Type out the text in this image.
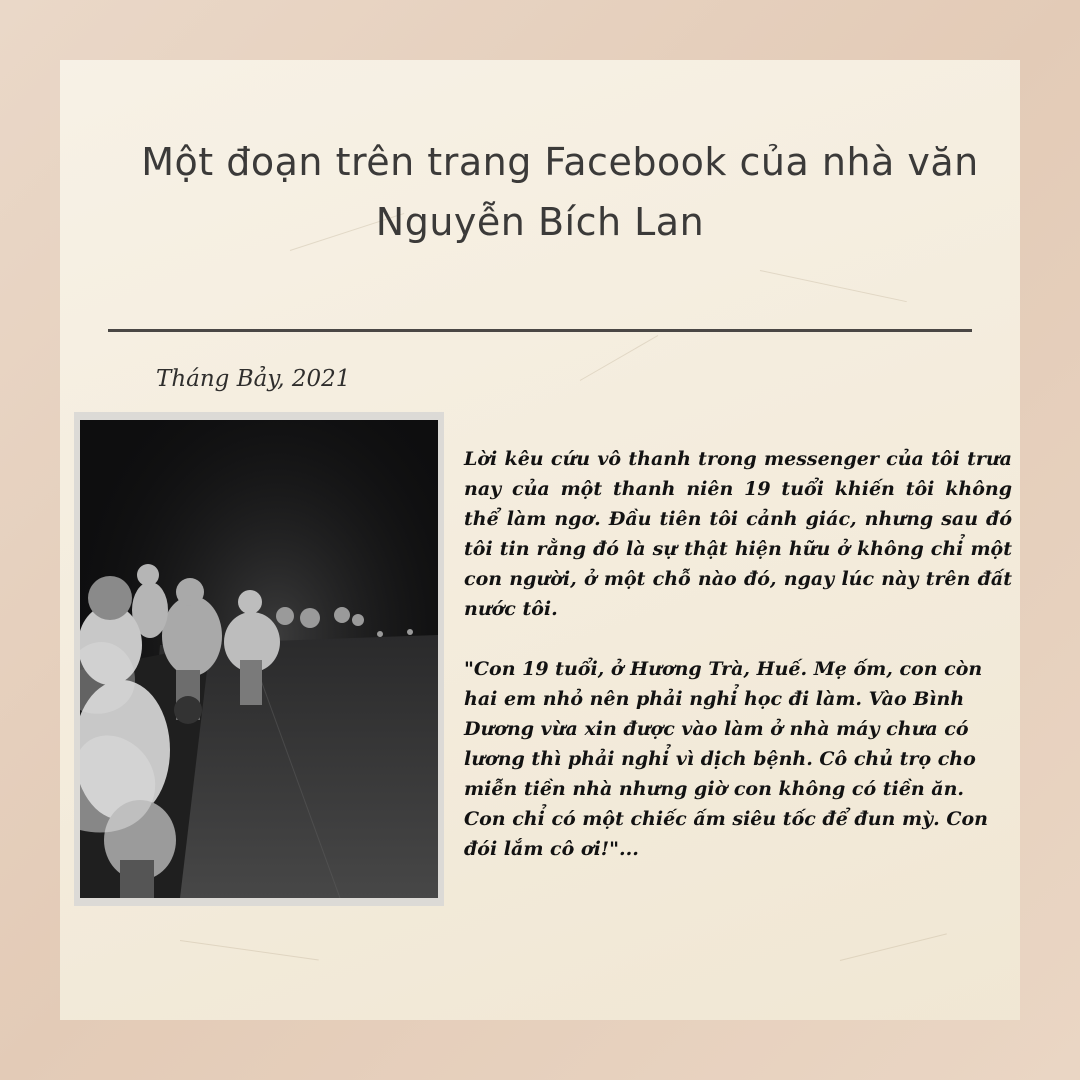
Một đoạn trên trang Facebook của nhà văn
Nguyễn Bích Lan
Tháng Bảy, 2021

Lời kêu cứu vô thanh trong messenger của tôi trưa nay của một thanh niên 19 tuổi khiến tôi không thể làm ngơ. Đầu tiên tôi cảnh giác, nhưng sau đó tôi tin rằng đó là sự thật hiện hữu ở không chỉ một con người, ở một chỗ nào đó, ngay lúc này trên đất nước tôi.

"Con 19 tuổi, ở Hương Trà, Huế. Mẹ ốm, con còn hai em nhỏ nên phải nghỉ học đi làm. Vào Bình Dương vừa xin được vào làm ở nhà máy chưa có lương thì phải nghỉ vì dịch bệnh. Cô chủ trọ cho miễn tiền nhà nhưng giờ con không có tiền ăn. Con chỉ có một chiếc ấm siêu tốc để đun mỳ. Con đói lắm cô ơi!"...
